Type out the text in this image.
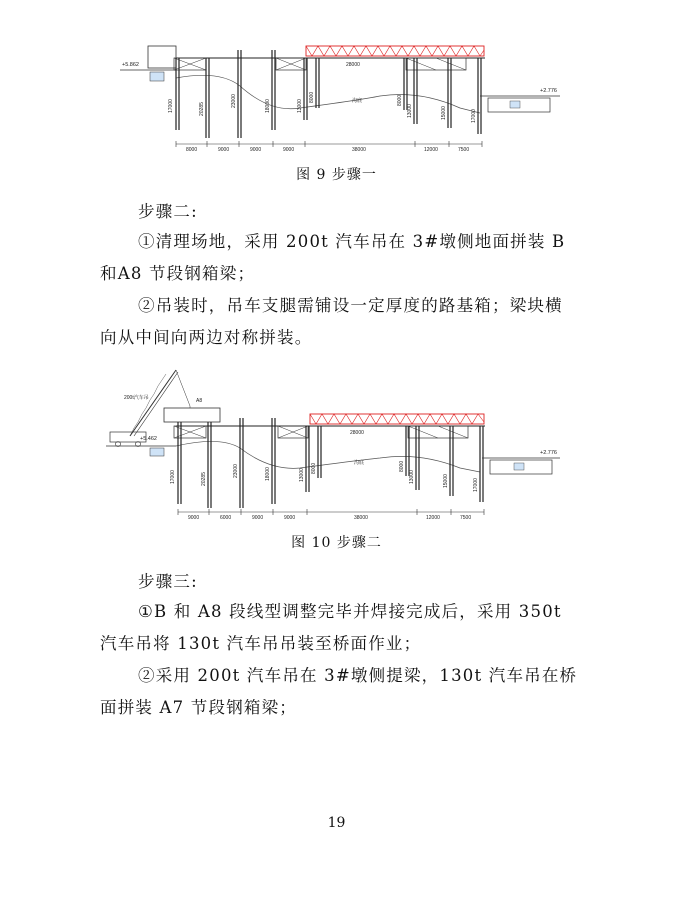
+5.862
17000	20285
23000	18000	13000
8000	8000
13000	15000	17000
28000
沟底
+2.776
8000	9000	9000	9000	38000	12000	7500
图 9 步骤一
步骤二:
①清理场地，采用 200t 汽车吊在 3#墩侧地面拼装 B 和A8 节段钢箱梁；
②吊装时，吊车支腿需铺设一定厚度的路基箱；梁块横向从中间向两边对称拼装。
200t汽车吊	A8
+5.462
17000	20285
23000	18000	13000 8000	8000
13000	15000	17000
28000
沟底
+2.776
9000	6000	9000	9000	38000	12000	7500
图 10 步骤二
步骤三:
①B 和 A8 段线型调整完毕并焊接完成后，采用 350t 汽车吊将 130t 汽车吊吊装至桥面作业；
②采用 200t 汽车吊在 3#墩侧提梁，130t 汽车吊在桥面拼装 A7 节段钢箱梁；
19
